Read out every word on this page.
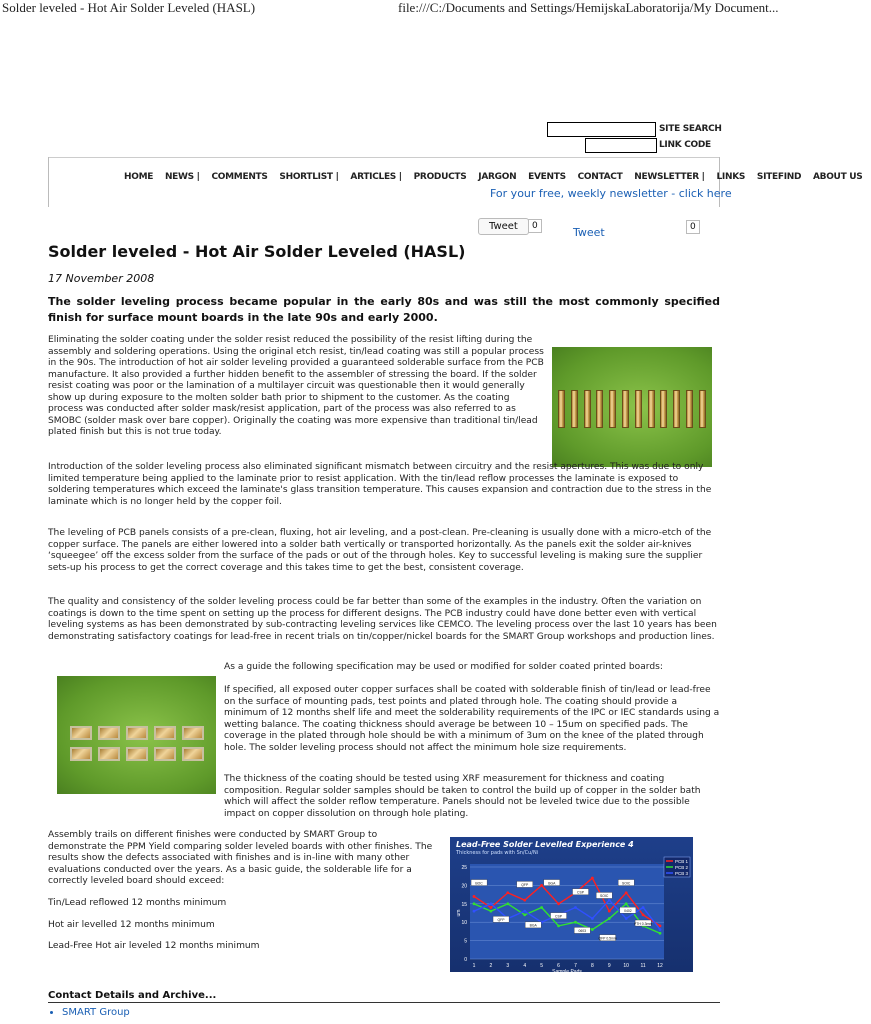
Solder leveled - Hot Air Solder Leveled (HASL)	file:///C:/Documents and Settings/HemijskaLaboratorija/My Document...
SITE SEARCH
LINK CODE
HOME NEWS | COMMENTS SHORTLIST | ARTICLES | PRODUCTS JARGON EVENTS CONTACT NEWSLETTER | LINKS SITEFIND ABOUT US
For your free, weekly newsletter - click here
Tweet	0	Tweet	0
Solder leveled - Hot Air Solder Leveled (HASL)
17 November 2008
The solder leveling process became popular in the early 80s and was still the most commonly specified finish for surface mount boards in the late 90s and early 2000.
Eliminating the solder coating under the solder resist reduced the possibility of the resist lifting during the assembly and soldering operations. Using the original etch resist, tin/lead coating was still a popular process in the 90s. The introduction of hot air solder leveling provided a guaranteed solderable surface from the PCB manufacture. It also provided a further hidden benefit to the assembler of stressing the board. If the solder resist coating was poor or the lamination of a multilayer circuit was questionable then it would generally show up during exposure to the molten solder bath prior to shipment to the customer. As the coating process was conducted after solder mask/resist application, part of the process was also referred to as SMOBC (solder mask over bare copper). Originally the coating was more expensive than traditional tin/lead plated finish but this is not true today.
Introduction of the solder leveling process also eliminated significant mismatch between circuitry and the resist apertures. This was due to only limited temperature being applied to the laminate prior to resist application. With the tin/lead reflow processes the laminate is exposed to soldering temperatures which exceed the laminate's glass transition temperature. This causes expansion and contraction due to the stress in the laminate which is no longer held by the copper foil.
The leveling of PCB panels consists of a pre-clean, fluxing, hot air leveling, and a post-clean. Pre-cleaning is usually done with a micro-etch of the copper surface. The panels are either lowered into a solder bath vertically or transported horizontally. As the panels exit the solder air-knives ‘squeegee’ off the excess solder from the surface of the pads or out of the through holes. Key to successful leveling is making sure the supplier sets-up his process to get the correct coverage and this takes time to get the best, consistent coverage.
The quality and consistency of the solder leveling process could be far better than some of the examples in the industry. Often the variation on coatings is down to the time spent on setting up the process for different designs. The PCB industry could have done better even with vertical leveling systems as has been demonstrated by sub-contracting leveling services like CEMCO. The leveling process over the last 10 years has been demonstrating satisfactory coatings for lead-free in recent trials on tin/copper/nickel boards for the SMART Group workshops and production lines.
As a guide the following specification may be used or modified for solder coated printed boards:
If specified, all exposed outer copper surfaces shall be coated with solderable finish of tin/lead or lead-free on the surface of mounting pads, test points and plated through hole. The coating should provide a minimum of 12 months shelf life and meet the solderability requirements of the IPC or IEC standards using a wetting balance. The coating thickness should average be between 10 – 15um on specified pads. The coverage in the plated through hole should be with a minimum of 3um on the knee of the plated through hole. The solder leveling process should not affect the minimum hole size requirements.
The thickness of the coating should be tested using XRF measurement for thickness and coating composition. Regular solder samples should be taken to control the build up of copper in the solder bath which will affect the solder reflow temperature. Panels should not be leveled twice due to the possible impact on copper dissolution on through hole plating.
Assembly trails on different finishes were conducted by SMART Group to demonstrate the PPM Yield comparing solder leveled boards with other finishes. The results show the defects associated with finishes and is in-line with many other evaluations conducted over the years. As a basic guide, the solderable life for a correctly leveled board should exceed:
Tin/Lead reflowed 12 months minimum
Hot air levelled 12 months minimum
Lead-Free Hot air leveled 12 months minimum
Lead-Free Solder Levelled Experience 4
Thickness for pads with Sn/Cu/Ni
0
5
10
15
20
25
1	2	3	4	5	6	7	8	9	10 11 12
Sample Pads
um
PCB 1
PCB 2
PCB 3
BOC	QFP	BGA
CSP
SOIC
SOIC
QFP
BGA
CSP
0603
QFP 0.5mm
0402
PTH 0.3mm
Contact Details and Archive...
• SMART Group
